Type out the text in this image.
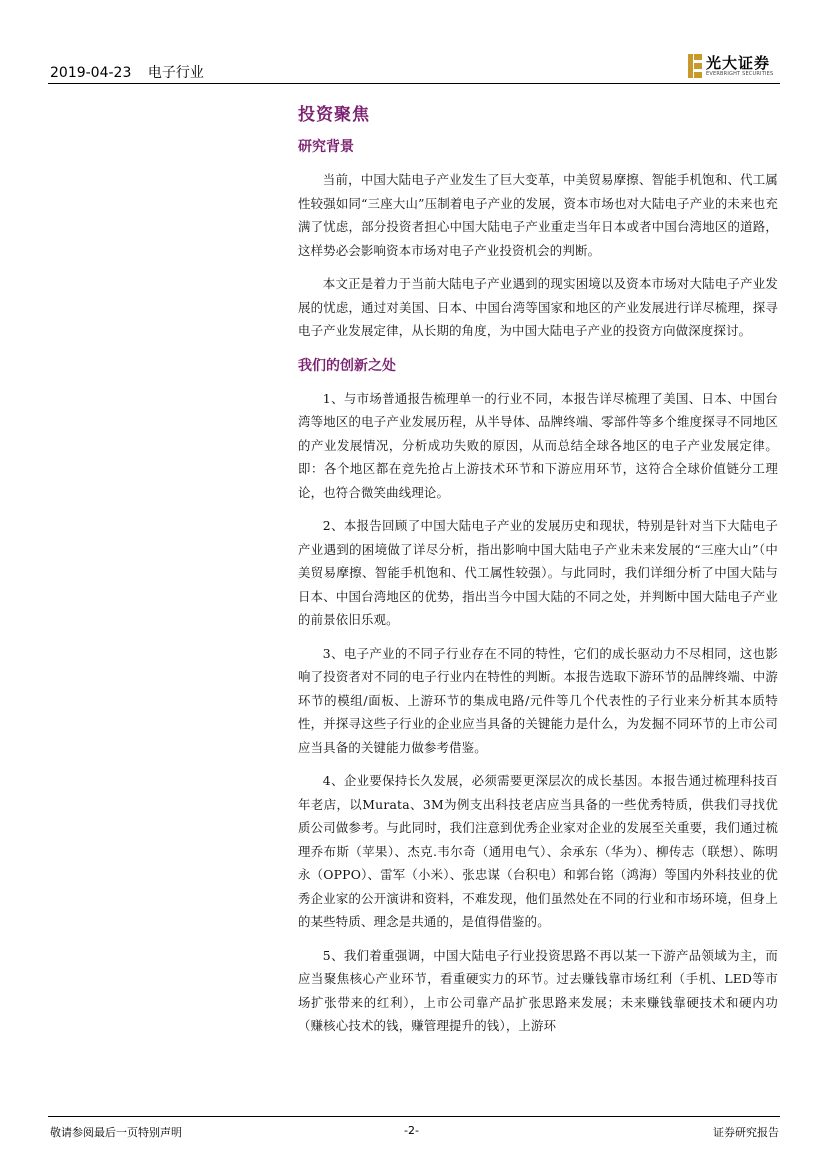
2019-04-23 电子行业
光大证券
EVERBRIGHT SECURITIES
投资聚焦
研究背景

当前，中国大陆电子产业发生了巨大变革，中美贸易摩擦、智能手机饱和、代工属性较强如同“三座大山”压制着电子产业的发展，资本市场也对大陆电子产业的未来也充满了忧虑，部分投资者担心中国大陆电子产业重走当年日本或者中国台湾地区的道路，这样势必会影响资本市场对电子产业投资机会的判断。

本文正是着力于当前大陆电子产业遇到的现实困境以及资本市场对大陆电子产业发展的忧虑，通过对美国、日本、中国台湾等国家和地区的产业发展进行详尽梳理，探寻电子产业发展定律，从长期的角度，为中国大陆电子产业的投资方向做深度探讨。

我们的创新之处

1、与市场普通报告梳理单一的行业不同，本报告详尽梳理了美国、日本、中国台湾等地区的电子产业发展历程，从半导体、品牌终端、零部件等多个维度探寻不同地区的产业发展情况，分析成功失败的原因，从而总结全球各地区的电子产业发展定律。即：各个地区都在竞先抢占上游技术环节和下游应用环节，这符合全球价值链分工理论，也符合微笑曲线理论。

2、本报告回顾了中国大陆电子产业的发展历史和现状，特别是针对当下大陆电子产业遇到的困境做了详尽分析，指出影响中国大陆电子产业未来发展的“三座大山”（中美贸易摩擦、智能手机饱和、代工属性较强）。与此同时，我们详细分析了中国大陆与日本、中国台湾地区的优势，指出当今中国大陆的不同之处，并判断中国大陆电子产业的前景依旧乐观。

3、电子产业的不同子行业存在不同的特性，它们的成长驱动力不尽相同，这也影响了投资者对不同的电子行业内在特性的判断。本报告选取下游环节的品牌终端、中游环节的模组/面板、上游环节的集成电路/元件等几个代表性的子行业来分析其本质特性，并探寻这些子行业的企业应当具备的关键能力是什么，为发掘不同环节的上市公司应当具备的关键能力做参考借鉴。

4、企业要保持长久发展，必须需要更深层次的成长基因。本报告通过梳理科技百年老店，以Murata、3M为例支出科技老店应当具备的一些优秀特质，供我们寻找优质公司做参考。与此同时，我们注意到优秀企业家对企业的发展至关重要，我们通过梳理乔布斯（苹果）、杰克.韦尔奇（通用电气）、余承东（华为）、柳传志（联想）、陈明永（OPPO）、雷军（小米）、张忠谋（台积电）和郭台铭（鸿海）等国内外科技业的优秀企业家的公开演讲和资料，不难发现，他们虽然处在不同的行业和市场环境，但身上的某些特质、理念是共通的，是值得借鉴的。

5、我们着重强调，中国大陆电子行业投资思路不再以某一下游产品领域为主，而应当聚焦核心产业环节，看重硬实力的环节。过去赚钱靠市场红利（手机、LED等市场扩张带来的红利），上市公司靠产品扩张思路来发展；未来赚钱靠硬技术和硬内功（赚核心技术的钱，赚管理提升的钱），上游环

敬请参阅最后一页特别声明	-2-	证券研究报告
